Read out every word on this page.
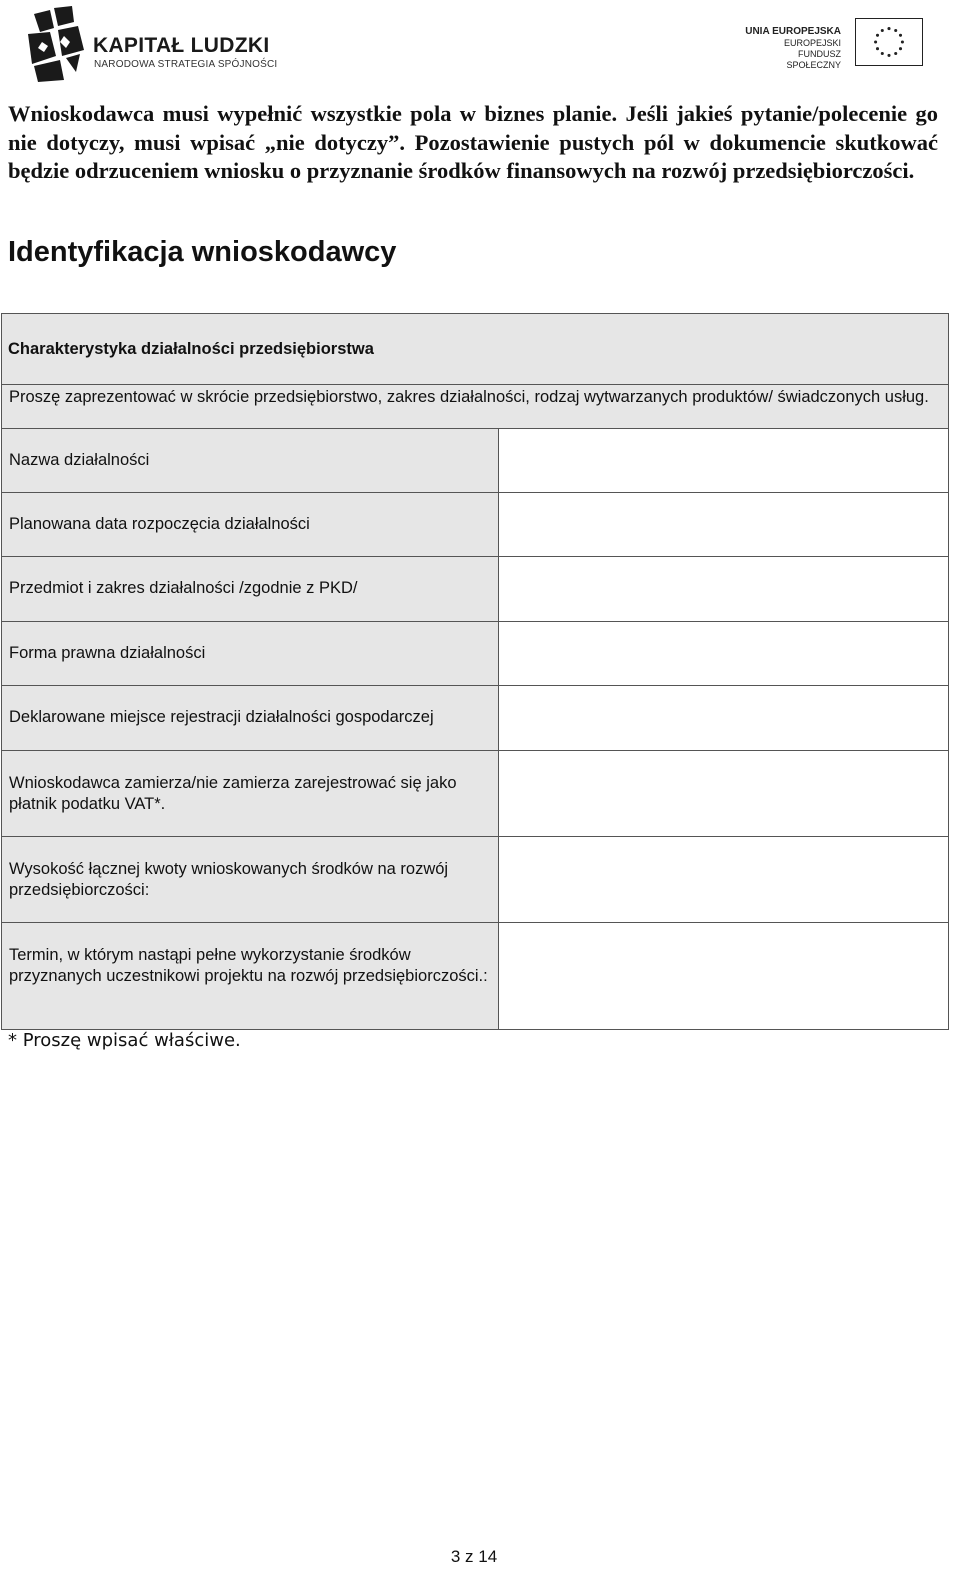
KAPITAŁ LUDZKI
NARODOWA STRATEGIA SPÓJNOŚCI
UNIA EUROPEJSKA
EUROPEJSKI
FUNDUSZ SPOŁECZNY

Wnioskodawca musi wypełnić wszystkie pola w biznes planie. Jeśli jakieś pytanie/polecenie go nie dotyczy, musi wpisać „nie dotyczy”. Pozostawienie pustych pól w dokumencie skutkować będzie odrzuceniem wniosku o przyznanie środków finansowych na rozwój przedsiębiorczości.

Identyfikacja wnioskodawcy
Charakterystyka działalności przedsiębiorstwa
Proszę zaprezentować w skrócie przedsiębiorstwo, zakres działalności, rodzaj wytwarzanych produktów/ świadczonych usług.
Nazwa działalności
Planowana data rozpoczęcia działalności
Przedmiot i zakres działalności /zgodnie z PKD/
Forma prawna działalności
Deklarowane miejsce rejestracji działalności gospodarczej
Wnioskodawca zamierza/nie zamierza zarejestrować się jako płatnik podatku VAT*.
Wysokość łącznej kwoty wnioskowanych środków na rozwój przedsiębiorczości:
Termin, w którym nastąpi pełne wykorzystanie środków przyznanych uczestnikowi projektu na rozwój przedsiębiorczości.:

* Proszę wpisać właściwe.

3 z 14
